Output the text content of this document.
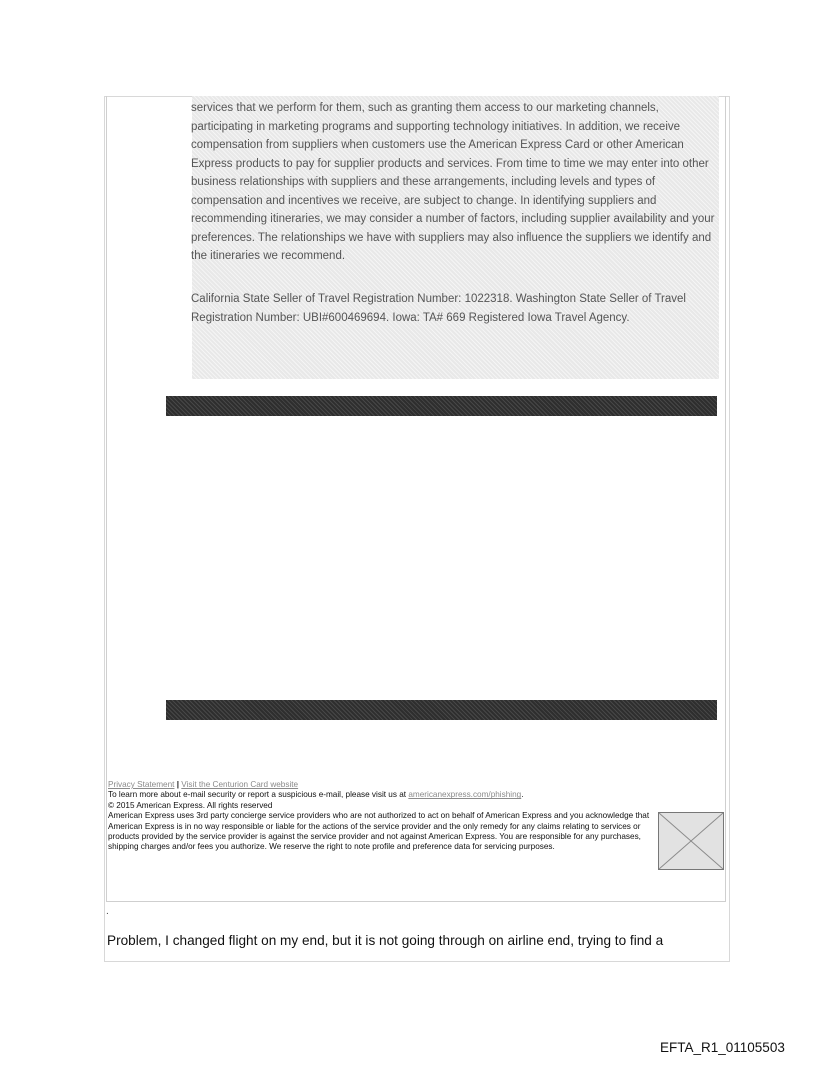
services that we perform for them, such as granting them access to our marketing channels, participating in marketing programs and supporting technology initiatives. In addition, we receive compensation from suppliers when customers use the American Express Card or other American Express products to pay for supplier products and services. From time to time we may enter into other business relationships with suppliers and these arrangements, including levels and types of compensation and incentives we receive, are subject to change. In identifying suppliers and recommending itineraries, we may consider a number of factors, including supplier availability and your preferences. The relationships we have with suppliers may also influence the suppliers we identify and the itineraries we recommend.

California State Seller of Travel Registration Number: 1022318. Washington State Seller of Travel Registration Number: UBI#600469694. Iowa: TA# 669 Registered Iowa Travel Agency.

Privacy Statement | Visit the Centurion Card website

To learn more about e-mail security or report a suspicious e-mail, please visit us at americanexpress.com/phishing.

© 2015 American Express. All rights reserved

American Express uses 3rd party concierge service providers who are not authorized to act on behalf of American Express and you acknowledge that American Express is in no way responsible or liable for the actions of the service provider and the only remedy for any claims relating to services or products provided by the service provider is against the service provider and not against American Express. You are responsible for any purchases, shipping charges and/or fees you authorize. We reserve the right to note profile and preference data for servicing purposes.

.

Problem, I changed flight on my end, but it is not going through on airline end, trying to find a

EFTA_R1_01105503
